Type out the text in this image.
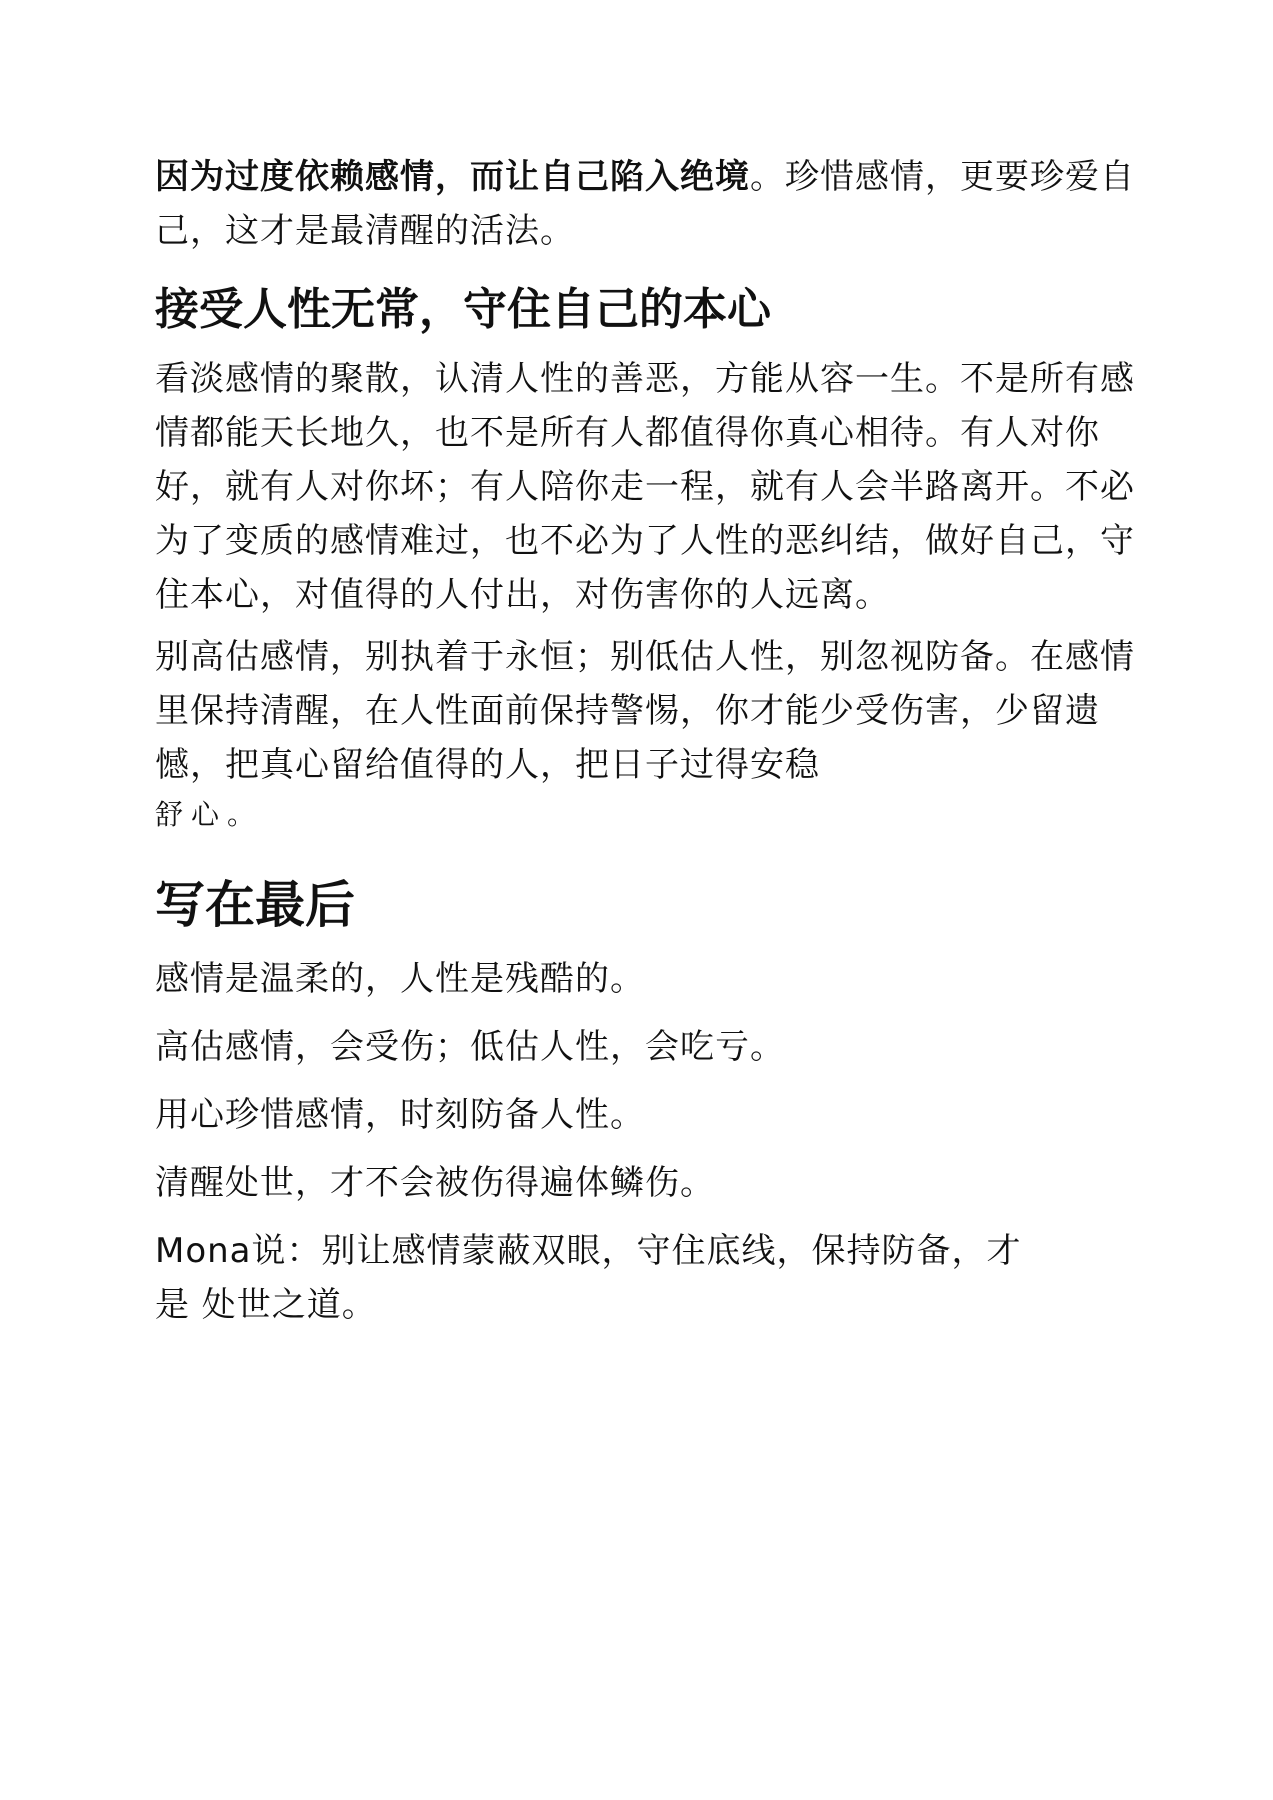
因为过度依赖感情，而让自己陷入绝境。珍惜感情，更要珍爱自己，这才是最清醒的活法。

接受人性无常，守住自己的本心

看淡感情的聚散，认清人性的善恶，方能从容一生。不是所有感情都能天长地久，也不是所有人都值得你真心相待。有人对你好，就有人对你坏；有人陪你走一程，就有人会半路离开。不必为了变质的感情难过，也不必为了人性的恶纠结，做好自己，守住本心，对值得的人付出，对伤害你的人远离。

别高估感情，别执着于永恒；别低估人性，别忽视防备。在感情里保持清醒，在人性面前保持警惕，你才能少受伤害，少留遗憾，把真心留给值得的人，把日子过得安稳

舒心。

写在最后

感情是温柔的，人性是残酷的。

高估感情，会受伤；低估人性，会吃亏。

用心珍惜感情，时刻防备人性。

清醒处世，才不会被伤得遍体鳞伤。

Mona说：别让感情蒙蔽双眼，守住底线，保持防备，才

是 处世之道。
